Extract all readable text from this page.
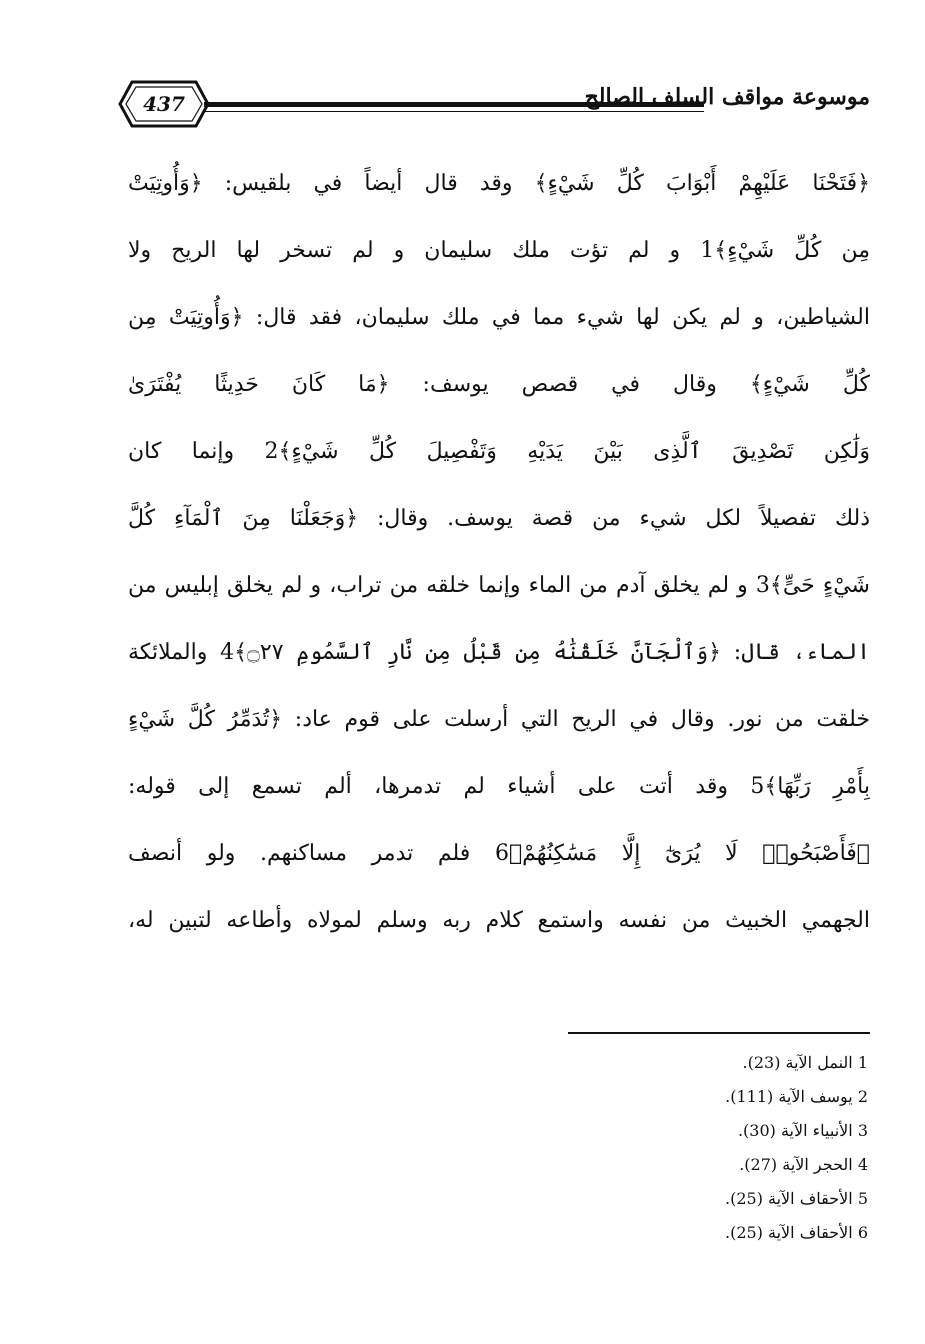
437	موسوعة مواقف السلف الصالح
﴿فَتَحْنَا عَلَيْهِمْ أَبْوَابَ كُلِّ شَيْءٍ﴾ وقد قال أيضاً في بلقيس: ﴿وَأُوتِيَتْ
مِن كُلِّ شَيْءٍ﴾1 و لم تؤت ملك سليمان و لم تسخر لها الريح ولا
الشياطين، و لم يكن لها شيء مما في ملك سليمان، فقد قال: ﴿وَأُوتِيَتْ مِن
كُلِّ شَيْءٍ﴾ وقال في قصص يوسف: ﴿مَا كَانَ حَدِيثًا يُفْتَرَىٰ
وَلَٰكِن تَصْدِيقَ ٱلَّذِى بَيْنَ يَدَيْهِ وَتَفْصِيلَ كُلِّ شَيْءٍ﴾2 وإنما كان
ذلك تفصيلاً لكل شيء من قصة يوسف. وقال: ﴿وَجَعَلْنَا مِنَ ٱلْمَآءِ كُلَّ
شَيْءٍ حَىٍّ﴾3 و لم يخلق آدم من الماء وإنما خلقه من تراب، و لم يخلق إبليس من
الماء، قال: ﴿وَٱلْجَآنَّ خَلَقْنَٰهُ مِن قَبْلُ مِن نَّارِ ٱلسَّمُومِ ۝٢٧﴾4 والملائكة
خلقت من نور. وقال في الريح التي أرسلت على قوم عاد: ﴿تُدَمِّرُ كُلَّ شَيْءٍ
بِأَمْرِ رَبِّهَا﴾5 وقد أتت على أشياء لم تدمرها، ألم تسمع إلى قوله:
﴿فَأَصْبَحُوا۟ لَا يُرَىٰٓ إِلَّا مَسَٰكِنُهُمْ﴾6 فلم تدمر مساكنهم. ولو أنصف
الجهمي الخبيث من نفسه واستمع كلام ربه وسلم لمولاه وأطاعه لتبين له،
1 النمل الآية (23).
2 يوسف الآية (111).
3 الأنبياء الآية (30).
4 الحجر الآية (27).
5 الأحقاف الآية (25).
6 الأحقاف الآية (25).
